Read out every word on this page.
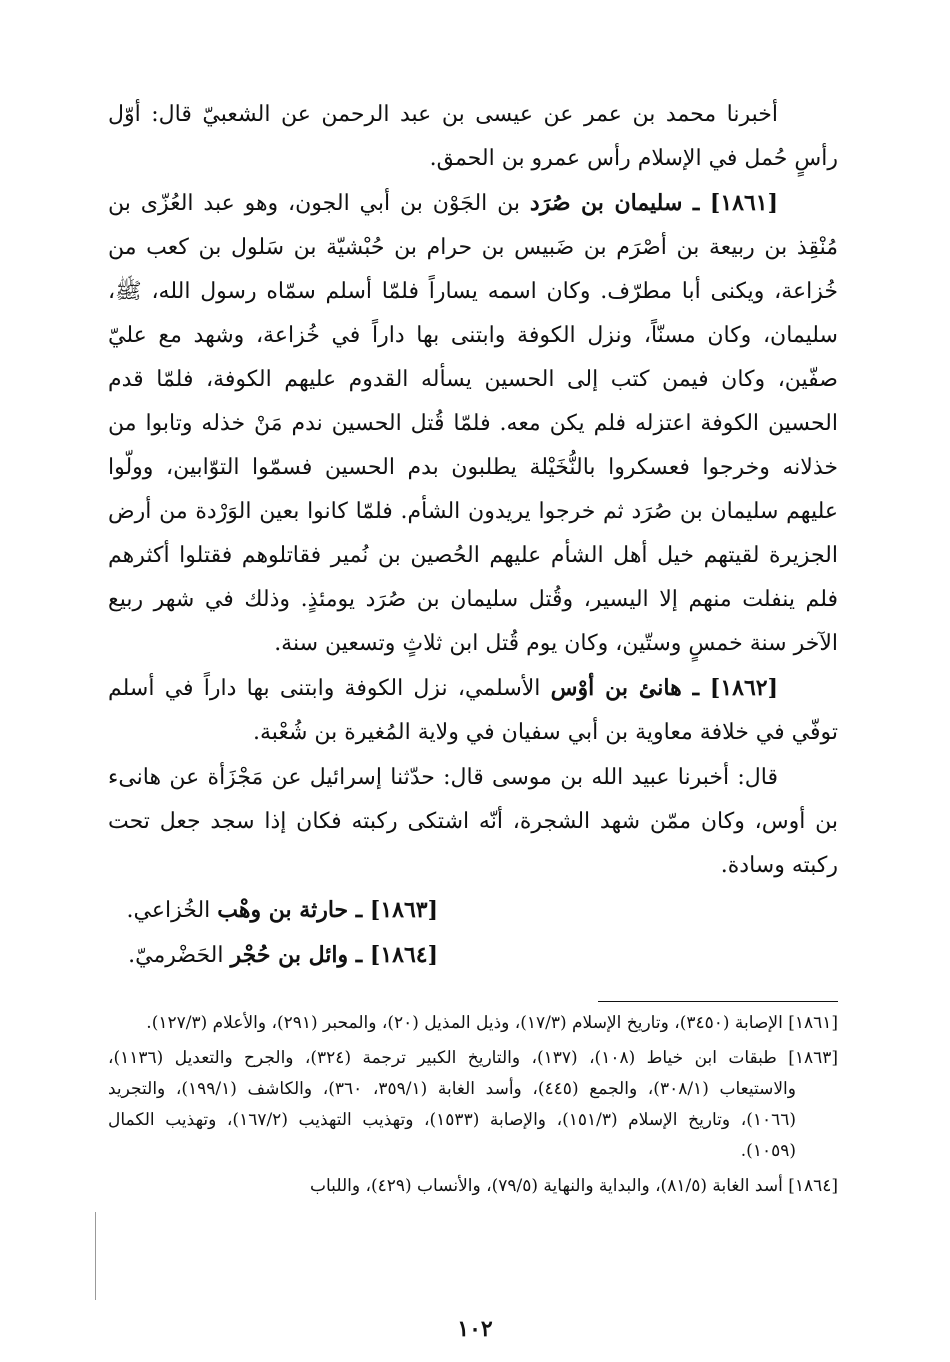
أخبرنا محمد بن عمر عن عيسى بن عبد الرحمن عن الشعبيّ قال: أوّل رأسٍ حُمل في الإسلام رأس عمرو بن الحمق.

[١٨٦١] ـ سليمان بن صُرَد بن الجَوْن بن أبي الجون، وهو عبد العُزّى بن مُنْقِذ بن ربيعة بن أصْرَم بن ضَبيس بن حرام بن حُبْشيّة بن سَلول بن كعب من خُزاعة، ويكنى أبا مطرّف. وكان اسمه يساراً فلمّا أسلم سمّاه رسول الله، ﷺ، سليمان، وكان مسنّاً، ونزل الكوفة وابتنى بها داراً في خُزاعة، وشهد مع عليّ صفّين، وكان فيمن كتب إلى الحسين يسأله القدوم عليهم الكوفة، فلمّا قدم الحسين الكوفة اعتزله فلم يكن معه. فلمّا قُتل الحسين ندم مَنْ خذله وتابوا من خذلانه وخرجوا فعسكروا بالنُّخَيْلة يطلبون بدم الحسين فسمّوا التوّابين، وولّوا عليهم سليمان بن صُرَد ثم خرجوا يريدون الشأم. فلمّا كانوا بعين الوَرْدة من أرض الجزيرة لقيتهم خيل أهل الشأم عليهم الحُصين بن نُمير فقاتلوهم فقتلوا أكثرهم فلم ينفلت منهم إلا اليسير، وقُتل سليمان بن صُرَد يومئذٍ. وذلك في شهر ربيع الآخر سنة خمسٍ وستّين، وكان يوم قُتل ابن ثلاثٍ وتسعين سنة.

[١٨٦٢] ـ هانئ بن أوْس الأسلمي، نزل الكوفة وابتنى بها داراً في أسلم توفّي في خلافة معاوية بن أبي سفيان في ولاية المُغيرة بن شُعْبة.

قال: أخبرنا عبيد الله بن موسى قال: حدّثنا إسرائيل عن مَجْزَأة عن هانىء بن أوس، وكان ممّن شهد الشجرة، أنّه اشتكى ركبته فكان إذا سجد جعل تحت ركبته وسادة.

[١٨٦٣] ـ حارثة بن وهْب الخُزاعي.

[١٨٦٤] ـ وائل بن حُجْر الحَضْرميّ.

[١٨٦١] الإصابة (٣٤٥٠)، وتاريخ الإسلام (١٧/٣)، وذيل المذيل (٢٠)، والمحبر (٢٩١)، والأعلام (١٢٧/٣).

[١٨٦٣] طبقات ابن خياط (١٠٨)، (١٣٧)، والتاريخ الكبير ترجمة (٣٢٤)، والجرح والتعديل (١١٣٦)، والاستيعاب (٣٠٨/١)، والجمع (٤٤٥)، وأسد الغابة (٣٥٩/١، ٣٦٠)، والكاشف (١٩٩/١)، والتجريد (١٠٦٦)، وتاريخ الإسلام (١٥١/٣)، والإصابة (١٥٣٣)، وتهذيب التهذيب (١٦٧/٢)، وتهذيب الكمال (١٠٥٩).

[١٨٦٤] أسد الغابة (٨١/٥)، والبداية والنهاية (٧٩/٥)، والأنساب (٤٢٩)، واللباب

١٠٢
